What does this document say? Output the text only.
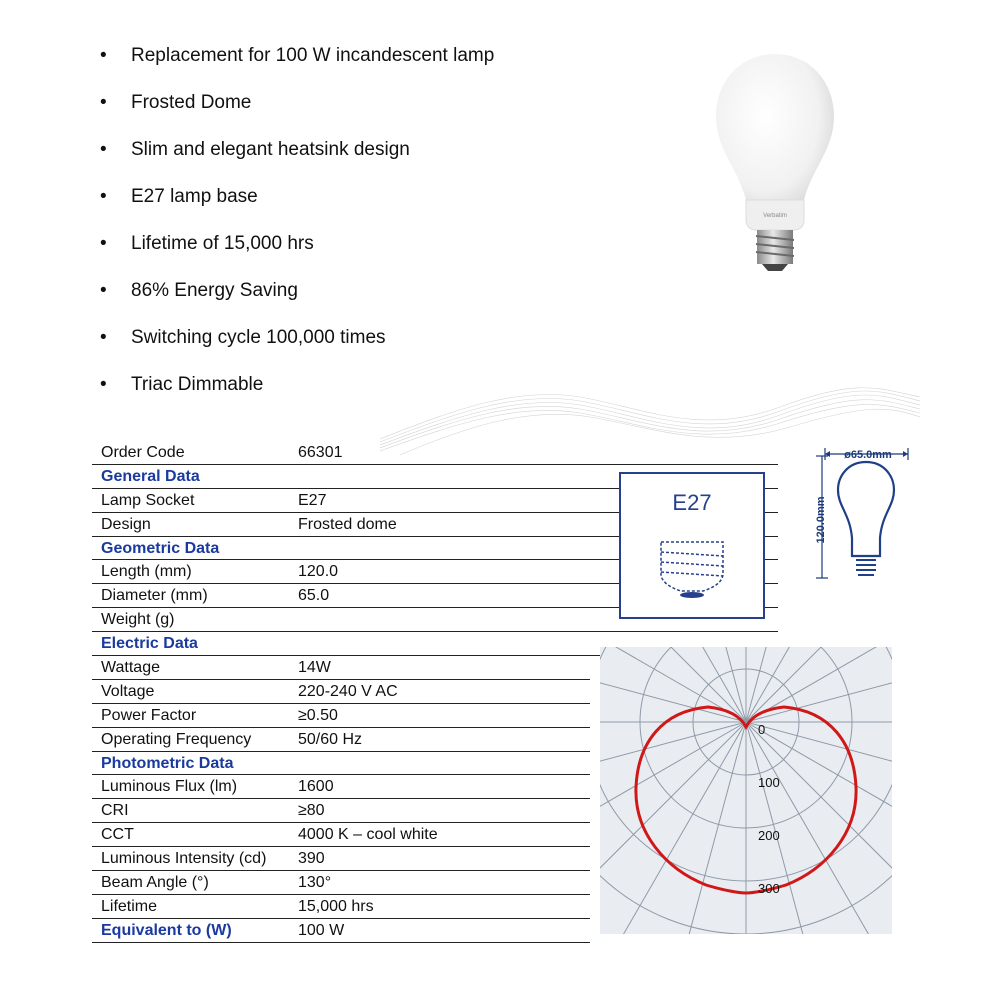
• Replacement for 100 W incandescent lamp
• Frosted Dome
• Slim and elegant heatsink design
• E27 lamp base
• Lifetime of 15,000 hrs
• 86% Energy Saving
• Switching cycle 100,000 times
• Triac Dimmable
Verbatim
Order Code	66301
General Data
Lamp Socket	E27
Design	Frosted dome
Geometric Data
Length (mm)	120.0
Diameter (mm)	65.0
Weight (g)
Electric Data
Wattage	14W
Voltage	220-240 V AC
Power Factor	≥0.50
Operating Frequency	50/60 Hz
Photometric Data
Luminous Flux (lm)	1600
CRI	≥80
CCT	4000 K – cool white
Luminous Intensity (cd) 390
Beam Angle (°)	130°
Lifetime	15,000 hrs
Equivalent to (W)	100 W
E27
ø65.0mm
120.0mm
0
100
200
300
